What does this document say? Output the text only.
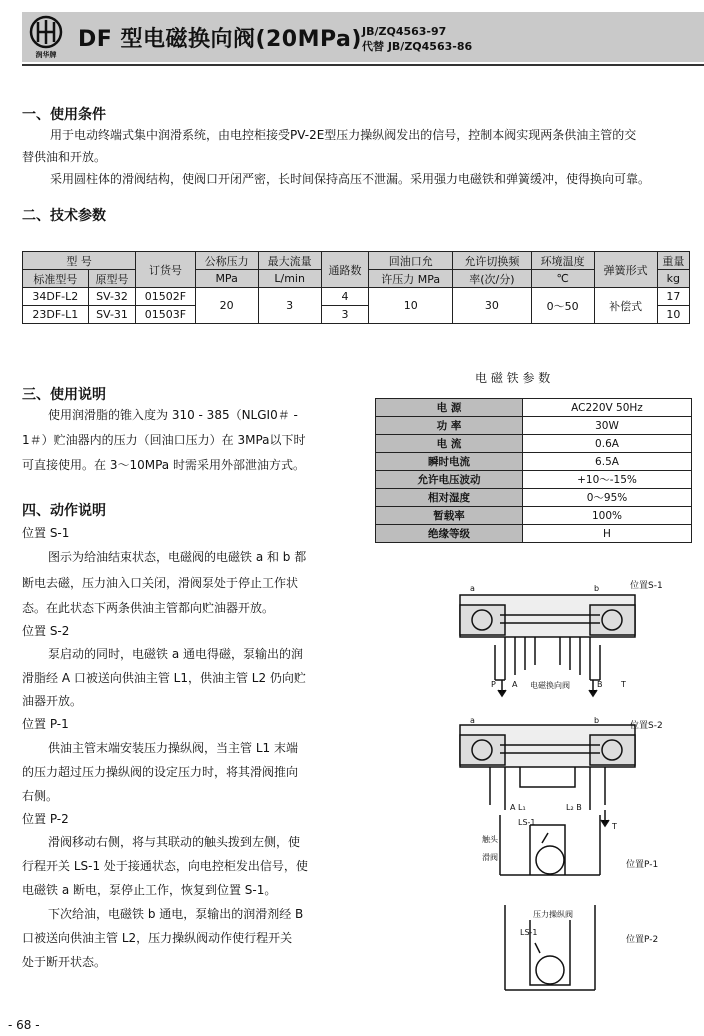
润华牌
DF 型电磁换向阀(20MPa) JB/ZQ4563-97
代替 JB/ZQ4563-86
一、使用条件
用于电动终端式集中润滑系统，由电控柜接受PV-2E型压力操纵阀发出的信号，控制本阀实现两条供油主管的交
替供油和开放。
采用圆柱体的滑阀结构，使阀口开闭严密，长时间保持高压不泄漏。采用强力电磁铁和弹簧缓冲，使得换向可靠。
二、技术参数
型 号		订货号	公称压力	最大流量	通路数	回油口允	允许切换频	环境温度	弹簧形式	重量
标准型号	原型号		MPa	L/min		许压力 MPa	率(次/分)	℃		kg
34DF-L2	SV-32	01502F	20	3	4	10	30	0～50	补偿式	17
23DF-L1	SV-31	01503F			3					10
三、使用说明
使用润滑脂的锥入度为 310 - 385（NLGI0＃ -
1＃）贮油器内的压力（回油口压力）在 3MPa以下时
可直接使用。在 3～10MPa 时需采用外部泄油方式。
电 磁 铁 参 数
电 源	AC220V 50Hz
功 率	30W
电 流	0.6A
瞬时电流	6.5A
允许电压波动	+10～-15%
相对湿度	0～95%
暂载率	100%
绝缘等级	H
四、动作说明
位置 S-1
图示为给油结束状态，电磁阀的电磁铁 a 和 b 都
断电去磁，压力油入口关闭，滑阀泵处于停止工作状
态。在此状态下两条供油主管都向贮油器开放。
位置 S-2
泵启动的同时，电磁铁 a 通电得磁，泵输出的润
滑脂经 A 口被送向供油主管 L1，供油主管 L2 仍向贮
油器开放。
位置 P-1
供油主管末端安装压力操纵阀，当主管 L1 末端
的压力超过压力操纵阀的设定压力时，将其滑阀推向
右侧。
位置 P-2
滑阀移动右侧，将与其联动的触头拨到左侧，使
行程开关 LS-1 处于接通状态，向电控柜发出信号，使
电磁铁 a 断电，泵停止工作，恢复到位置 S-1。
下次给油，电磁铁 b 通电，泵输出的润滑剂经 B
口被送向供油主管 L2，压力操纵阀动作使行程开关
处于断开状态。
a	b
a	b
位置S-1
位置S-2
位置P-1
位置P-2
P A 电磁换向阀	B T
A L₁	L₂ B
T
LS-1
触头
滑阀
压力操纵阀
LS-1
- 68 -
